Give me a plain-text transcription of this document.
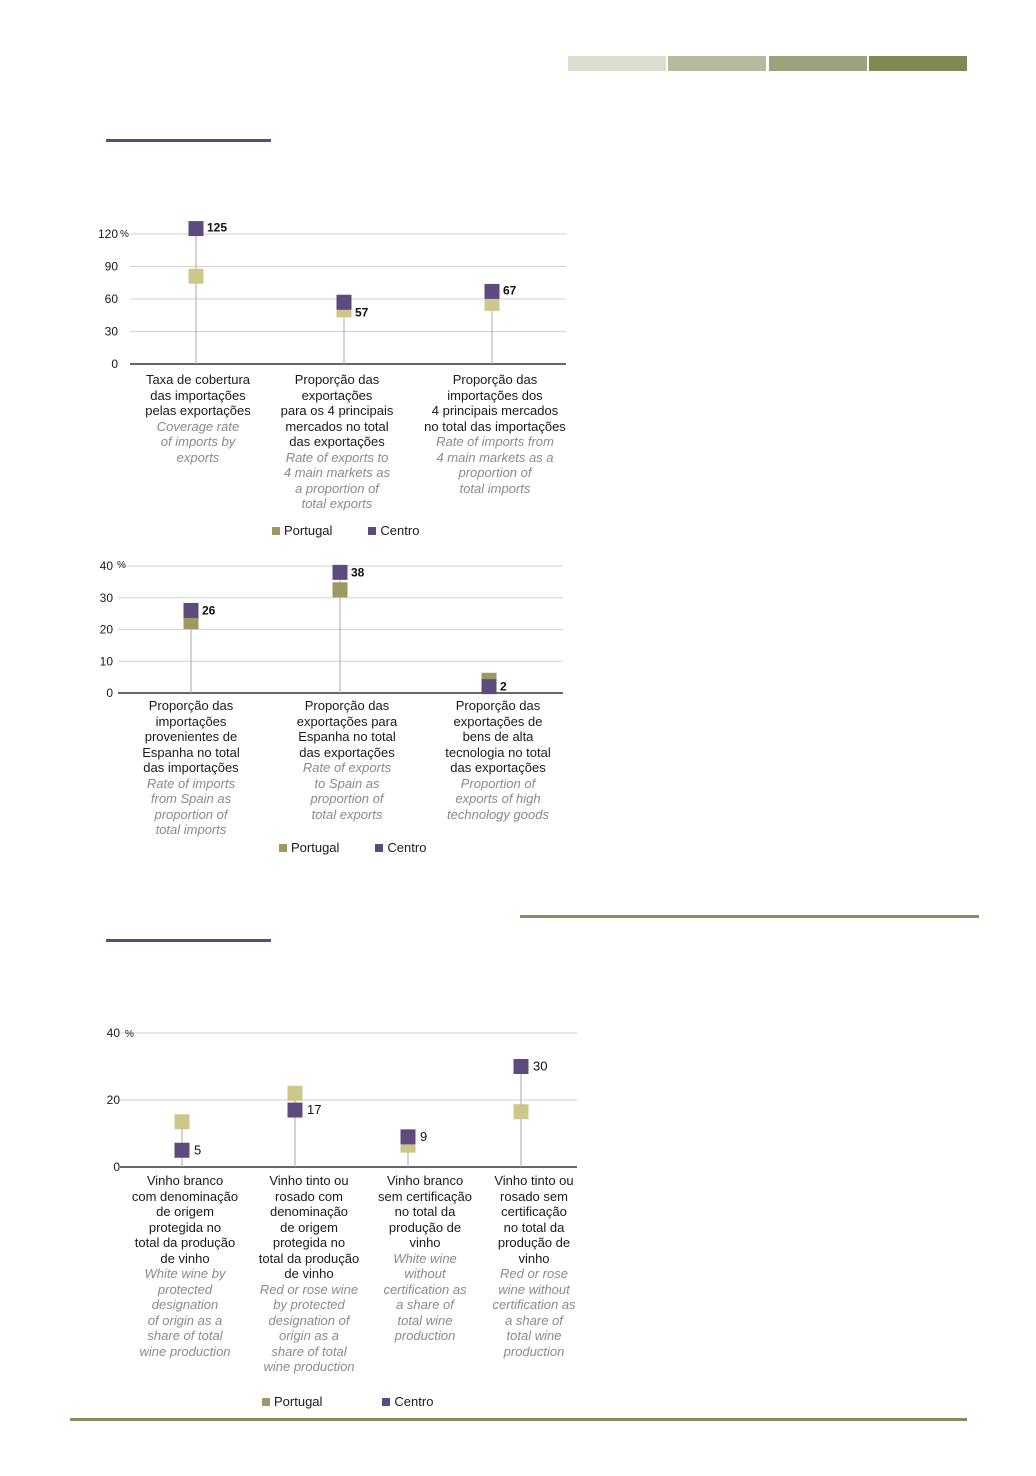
0
30
60
90
120 %	125
57
67
0
10
20
30
40 %
26
38
2
0
20
40 %
5
17
9
30
Taxa de cobertura
das importações
pelas exportações
Coverage rate
of imports by
exports
Proporção das
exportações
para os 4 principais
mercados no total
das exportações
Rate of exports to
4 main markets as
a proportion of
total exports
Proporção das
importações dos
4 principais mercados
no total das importações
Rate of imports from
4 main markets as a
proportion of
total imports
Proporção das
importações
provenientes de
Espanha no total
das importações
Rate of imports
from Spain as
proportion of
total imports
Proporção das
exportações para
Espanha no total
das exportações
Rate of exports
to Spain as
proportion of
total exports
Proporção das
exportações de
bens de alta
tecnologia no total
das exportações
Proportion of
exports of high
technology goods
Vinho branco
com denominação
de origem
protegida no
total da produção
de vinho
White wine by
protected
designation
of origin as a
share of total
wine production
Vinho tinto ou
rosado com
denominação
de origem
protegida no
total da produção
de vinho
Red or rose wine
by protected
designation of
origin as a
share of total
wine production
Vinho branco
sem certificação
no total da
produção de
vinho
White wine
without
certification as
a share of
total wine
production
Vinho tinto ou
rosado sem
certificação
no total da
produção de
vinho
Red or rose
wine without
certification as
a share of
total wine
production
Portugal	Centro
Portugal	Centro
Portugal	Centro
